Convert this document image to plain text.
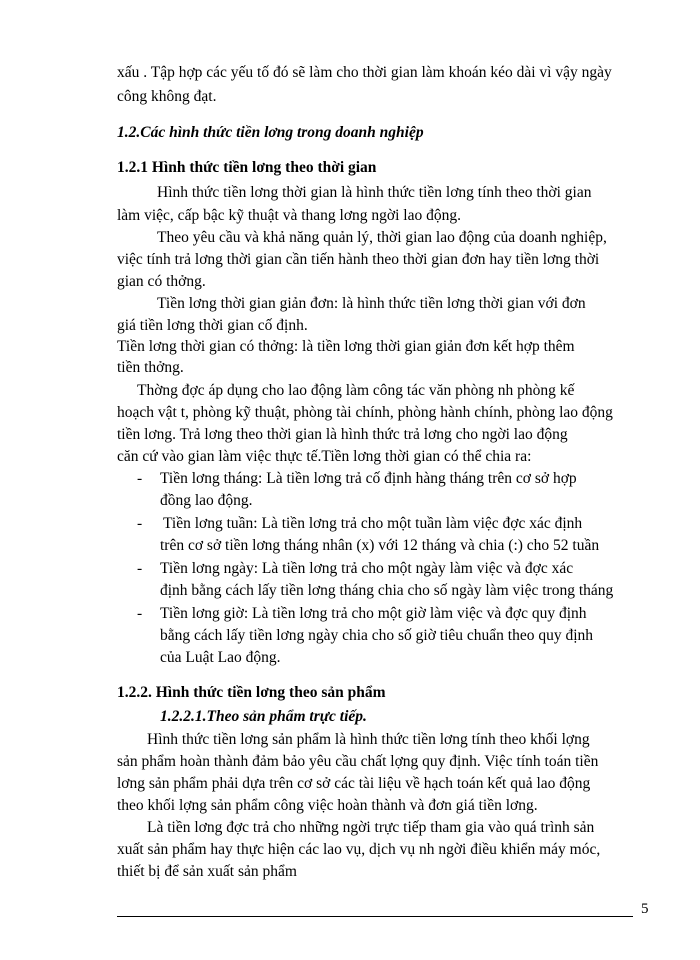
xấu . Tập hợp các yếu tố đó sẽ làm cho thời gian làm khoán kéo dài vì vậy ngày
công không đạt.
1.2.Các hình thức tiền lơng trong doanh nghiệp
1.2.1 Hình thức tiền lơng theo thời gian
Hình thức tiền lơng thời gian là hình thức tiền lơng tính theo thời gian
làm việc, cấp bậc kỹ thuật và thang lơng ngời lao động.
Theo yêu cầu và khả năng quản lý, thời gian lao động của doanh nghiệp,
việc tính trả lơng thời gian cần tiến hành theo thời gian đơn hay tiền lơng thời
gian có thởng.
Tiền lơng thời gian giản đơn: là hình thức tiền lơng thời gian với đơn
giá tiền lơng thời gian cố định.
Tiền lơng thời gian có thởng: là tiền lơng thời gian giản đơn kết hợp thêm
tiền thởng.
Thờng đợc áp dụng cho lao động làm công tác văn phòng nh phòng kế
hoạch vật t, phòng kỹ thuật, phòng tài chính, phòng hành chính, phòng lao động
tiền lơng. Trả lơng theo thời gian là hình thức trả lơng cho ngời lao động
căn cứ vào gian làm việc thực tế.Tiền lơng thời gian có thể chia ra:
- Tiền lơng tháng: Là tiền lơng trả cố định hàng tháng trên cơ sở hợp
đồng lao động.
- Tiền lơng tuần: Là tiền lơng trả cho một tuần làm việc đợc xác định
trên cơ sở tiền lơng tháng nhân (x) với 12 tháng và chia (:) cho 52 tuần
- Tiền lơng ngày: Là tiền lơng trả cho một ngày làm việc và đợc xác
định bằng cách lấy tiền lơng tháng chia cho số ngày làm việc trong tháng
- Tiền lơng giờ: Là tiền lơng trả cho một giờ làm việc và đợc quy định
bằng cách lấy tiền lơng ngày chia cho số giờ tiêu chuẩn theo quy định
của Luật Lao động.
1.2.2. Hình thức tiền lơng theo sản phẩm
1.2.2.1.Theo sản phẩm trực tiếp.
Hình thức tiền lơng sản phẩm là hình thức tiền lơng tính theo khối lợng
sản phẩm hoàn thành đảm bảo yêu cầu chất lợng quy định. Việc tính toán tiền
lơng sản phẩm phải dựa trên cơ sở các tài liệu về hạch toán kết quả lao động
theo khối lợng sản phẩm công việc hoàn thành và đơn giá tiền lơng.
Là tiền lơng đợc trả cho những ngời trực tiếp tham gia vào quá trình sản
xuất sản phẩm hay thực hiện các lao vụ, dịch vụ nh ngời điều khiển máy móc,
thiết bị để sản xuất sản phẩm
5
